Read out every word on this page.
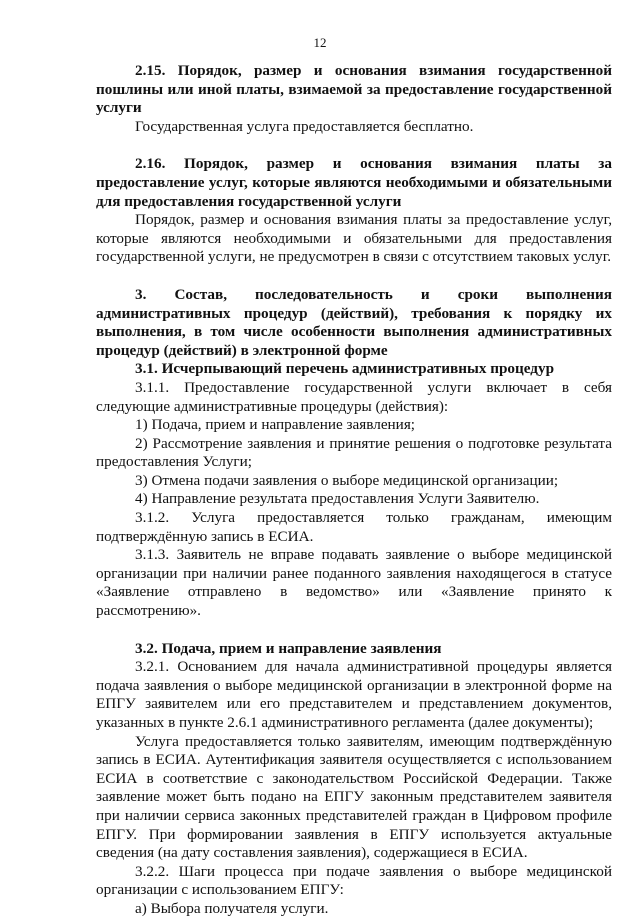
12

2.15. Порядок, размер и основания взимания государственной пошлины или иной платы, взимаемой за предоставление государственной услуги

Государственная услуга предоставляется бесплатно.

2.16. Порядок, размер и основания взимания платы за предоставление услуг, которые являются необходимыми и обязательными для предоставления государственной услуги

Порядок, размер и основания взимания платы за предоставление услуг, которые являются необходимыми и обязательными для предоставления государственной услуги, не предусмотрен в связи с отсутствием таковых услуг.

3. Состав, последовательность и сроки выполнения административных процедур (действий), требования к порядку их выполнения, в том числе особенности выполнения административных процедур (действий) в электронной форме

3.1. Исчерпывающий перечень административных процедур

3.1.1. Предоставление государственной услуги включает в себя следующие административные процедуры (действия):

1) Подача, прием и направление заявления;

2) Рассмотрение заявления и принятие решения о подготовке результата предоставления Услуги;

3) Отмена подачи заявления о выборе медицинской организации;

4) Направление результата предоставления Услуги Заявителю.

3.1.2. Услуга предоставляется только гражданам, имеющим подтверждённую запись в ЕСИА.

3.1.3. Заявитель не вправе подавать заявление о выборе медицинской организации при наличии ранее поданного заявления находящегося в статусе «Заявление отправлено в ведомство» или «Заявление принято к рассмотрению».

3.2. Подача, прием и направление заявления

3.2.1. Основанием для начала административной процедуры является подача заявления о выборе медицинской организации в электронной форме на ЕПГУ заявителем или его представителем и представлением документов, указанных в пункте 2.6.1 административного регламента (далее документы);

Услуга предоставляется только заявителям, имеющим подтверждённую запись в ЕСИА. Аутентификация заявителя осуществляется с использованием ЕСИА в соответствие с законодательством Российской Федерации. Также заявление может быть подано на ЕПГУ законным представителем заявителя при наличии сервиса законных представителей граждан в Цифровом профиле ЕПГУ. При формировании заявления в ЕПГУ используется актуальные сведения (на дату составления заявления), содержащиеся в ЕСИА.

3.2.2. Шаги процесса при подаче заявления о выборе медицинской организации с использованием ЕПГУ:

а) Выбора получателя услуги.
